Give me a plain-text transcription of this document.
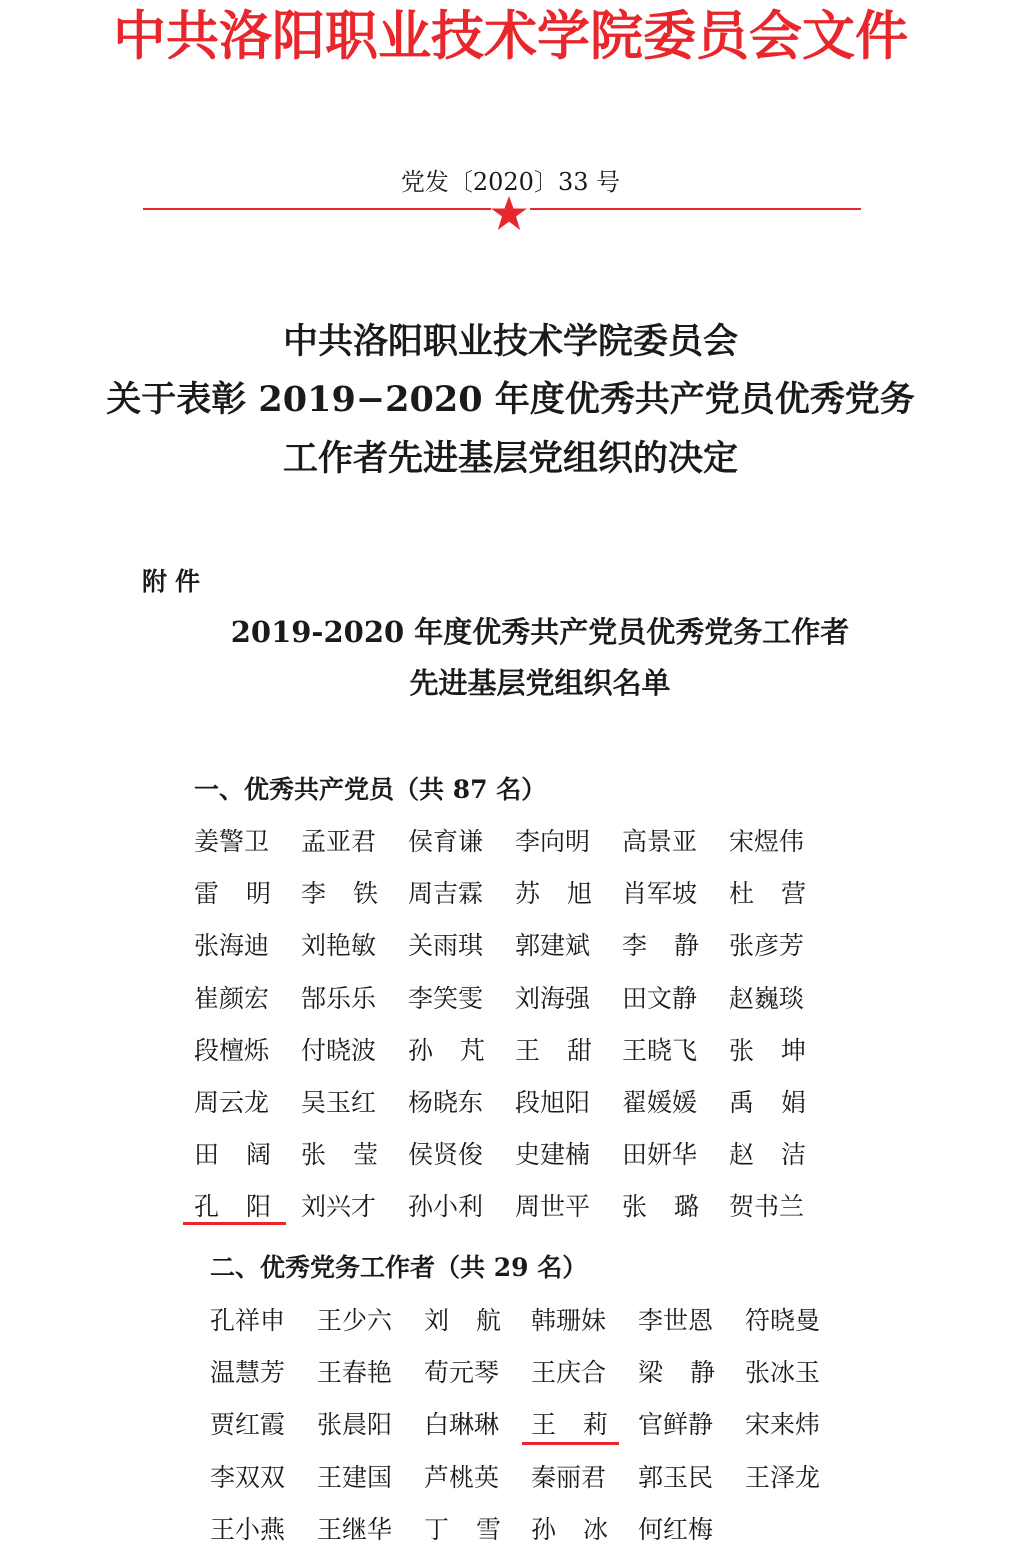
中共洛阳职业技术学院委员会文件
党发〔2020〕33 号
中共洛阳职业技术学院委员会
关于表彰 2019−2020 年度优秀共产党员优秀党务
工作者先进基层党组织的决定
附件
2019-2020 年度优秀共产党员优秀党务工作者
先进基层党组织名单
一、优秀共产党员（共 87 名）
姜警卫 孟亚君 侯育谦 李向明 高景亚 宋煜伟
雷 明 李 铁 周吉霖 苏 旭 肖军坡 杜 营
张海迪 刘艳敏 关雨琪 郭建斌 李 静 张彦芳
崔颜宏 郜乐乐 李笑雯 刘海强 田文静 赵巍琰
段檀烁 付晓波 孙 芃 王 甜 王晓飞 张 坤
周云龙 吴玉红 杨晓东 段旭阳 翟媛媛 禹 娟
田 阔 张 莹 侯贤俊 史建楠 田妍华 赵 洁
孔 阳 刘兴才 孙小利 周世平 张 璐 贺书兰
二、优秀党务工作者（共 29 名）
孔祥申 王少六 刘 航 韩珊妹 李世恩 符晓曼
温慧芳 王春艳 荀元琴 王庆合 梁 静 张冰玉
贾红霞 张晨阳 白琳琳 王 莉 官鲜静 宋来炜
李双双 王建国 芦桃英 秦丽君 郭玉民 王泽龙
王小燕 王继华 丁 雪 孙 冰 何红梅
